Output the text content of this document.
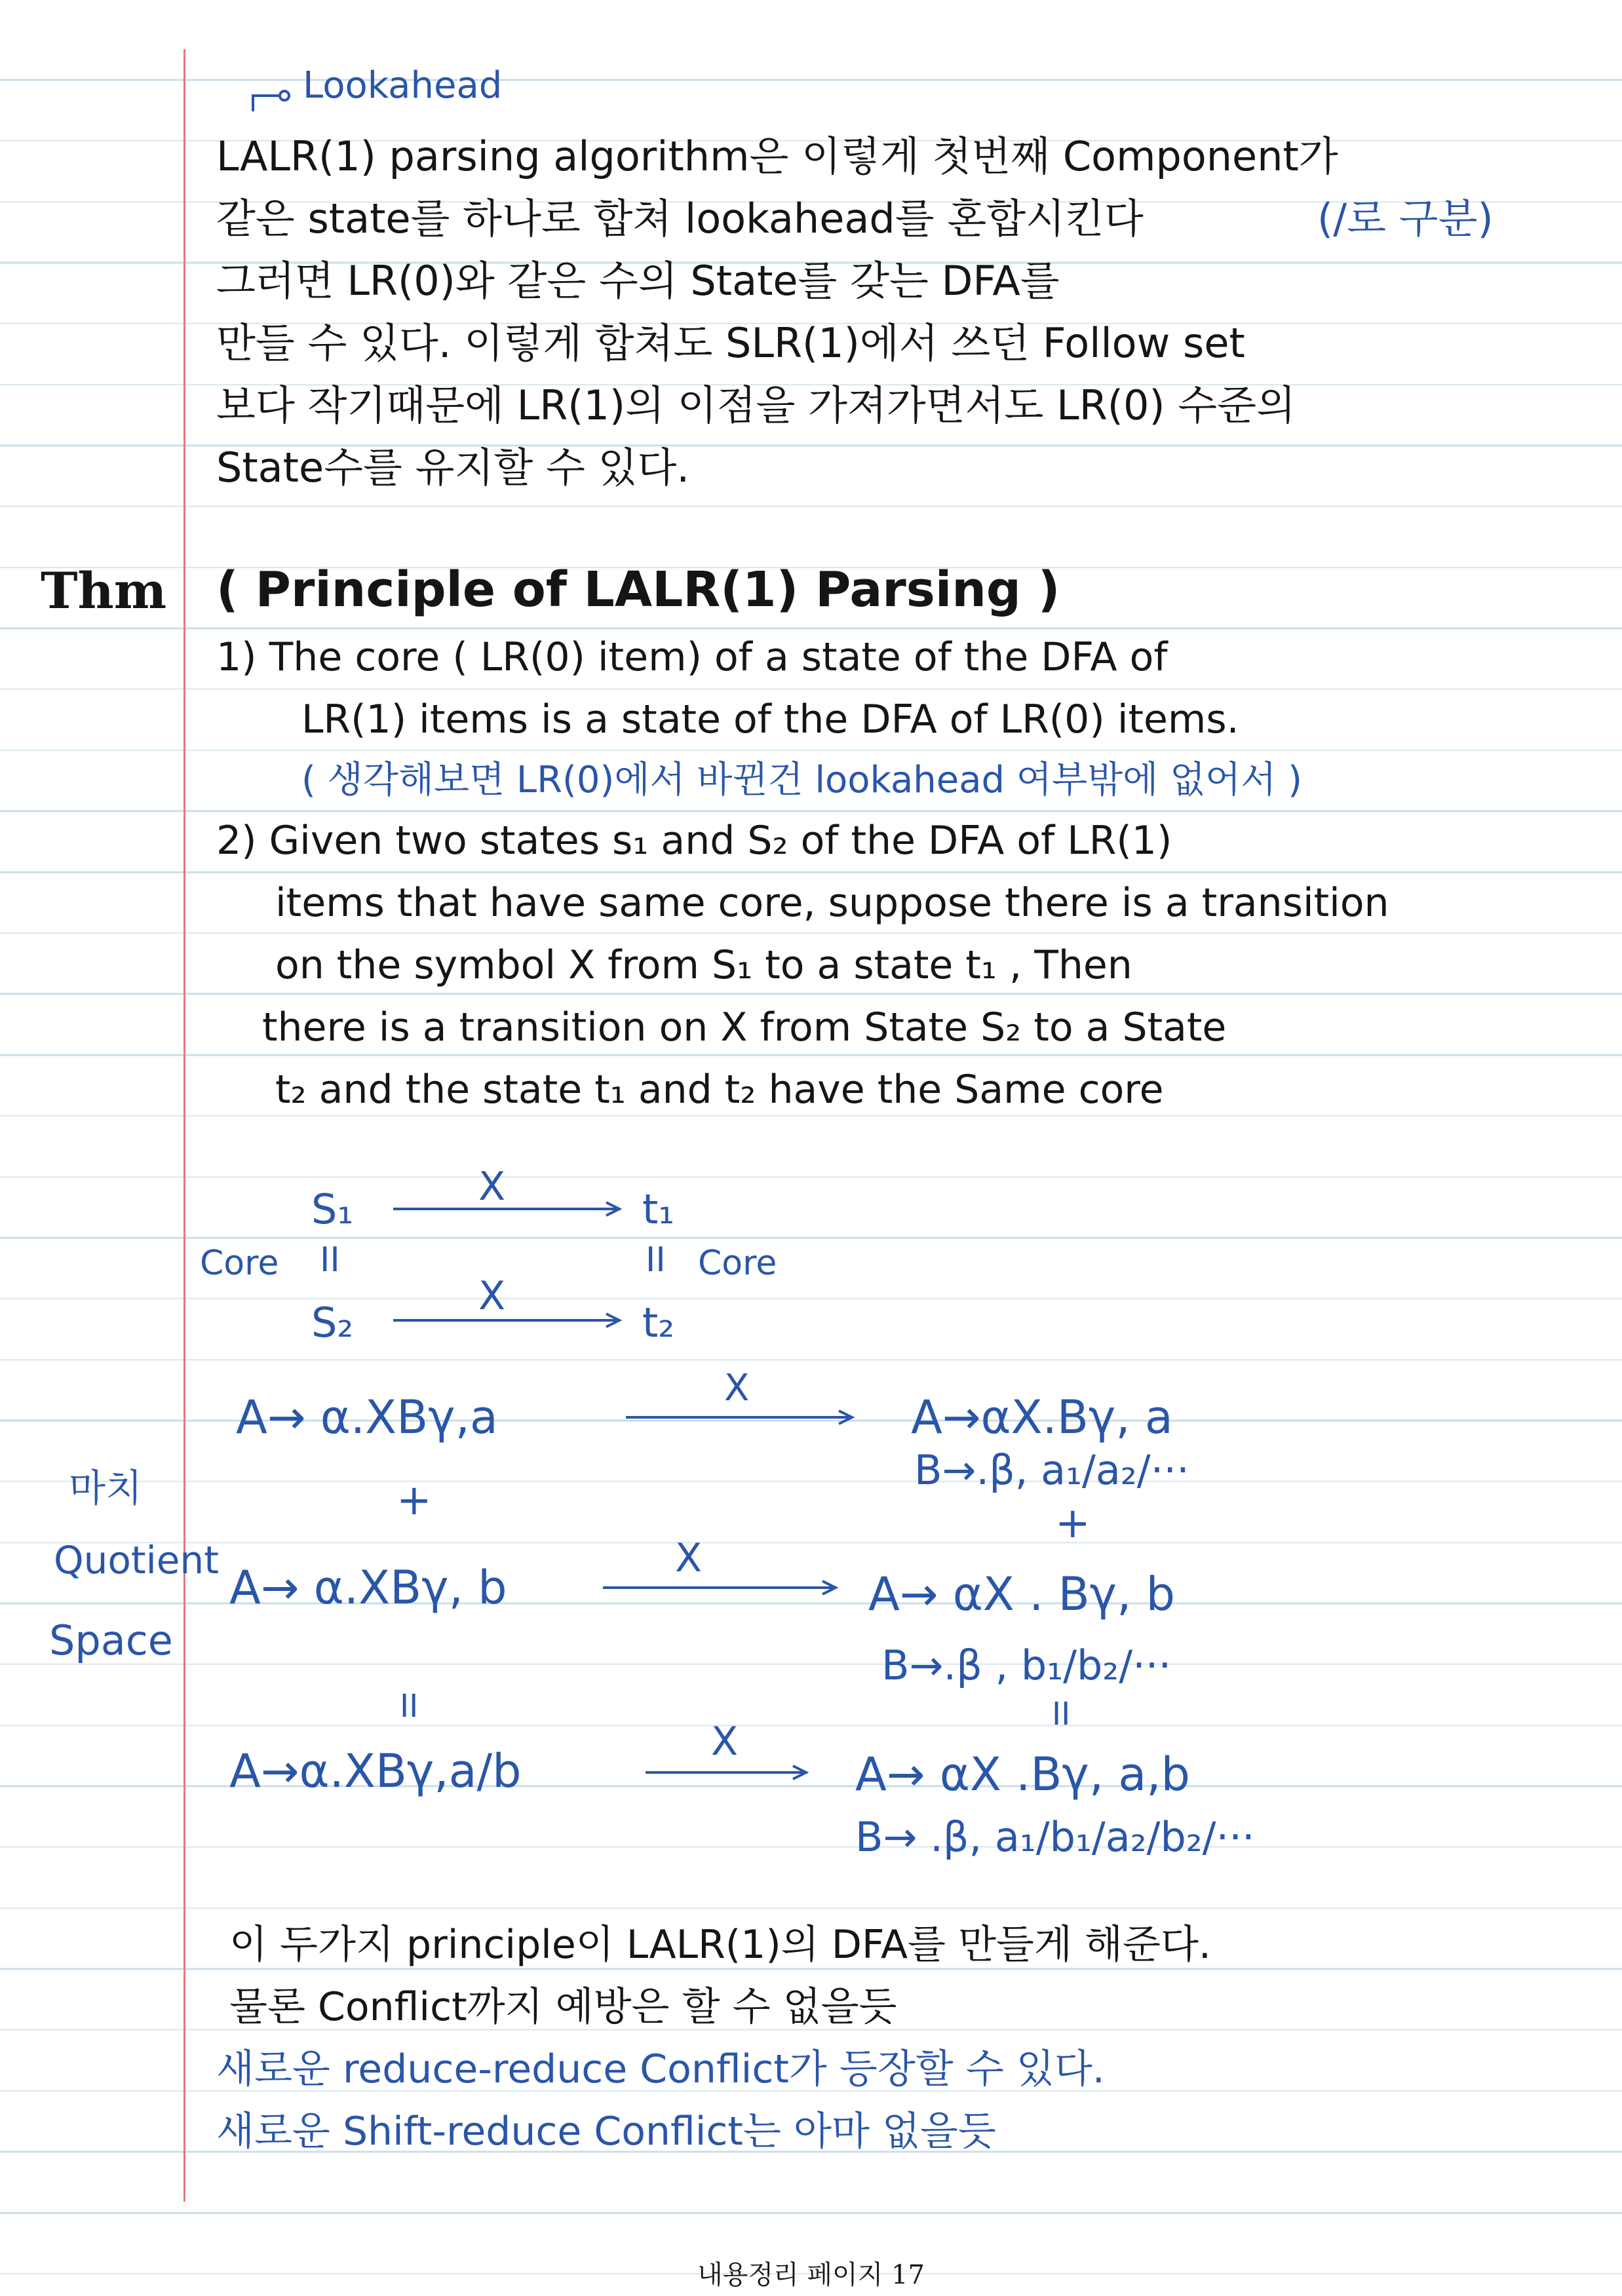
Lookahead
LALR(1) parsing algorithm은 이렇게 첫번째 Component가
같은 state를 하나로 합쳐 lookahead를 혼합시킨다	(/로 구분)
그러면 LR(0)와 같은 수의 State를 갖는 DFA를
만들 수 있다. 이렇게 합쳐도 SLR(1)에서 쓰던 Follow set
보다 작기때문에 LR(1)의 이점을 가져가면서도 LR(0) 수준의
State수를 유지할 수 있다.
Thm ( Principle of LALR(1) Parsing )
1) The core ( LR(0) item) of a state of the DFA of
LR(1) items is a state of the DFA of LR(0) items.
( 생각해보면 LR(0)에서 바뀐건 lookahead 여부밖에 없어서 )
2) Given two states s₁ and S₂ of the DFA of LR(1)
items that have same core, suppose there is a transition
on the symbol X from S₁ to a state t₁ , Then
there is a transition on X from State S₂ to a State
t₂ and the state t₁ and t₂ have the Same core
S₁	X	t₁
Core II	II Core
S₂
X
t₂
마치
Quotient
Space
A→ α.XBγ,a
X
A→αX.Bγ, a
B→.β, a₁/a₂/···
+	+
A→ α.XBγ, b
X
A→ αX . Bγ, b
B→.β , b₁/b₂/···
II	II
A→α.XBγ,a/b
X
A→ αX .Bγ, a,b
B→ .β, a₁/b₁/a₂/b₂/···
이 두가지 principle이 LALR(1)의 DFA를 만들게 해준다.
물론 Conflict까지 예방은 할 수 없을듯
새로운 reduce-reduce Conflict가 등장할 수 있다.
새로운 Shift-reduce Conflict는 아마 없을듯
내용정리 페이지 17
